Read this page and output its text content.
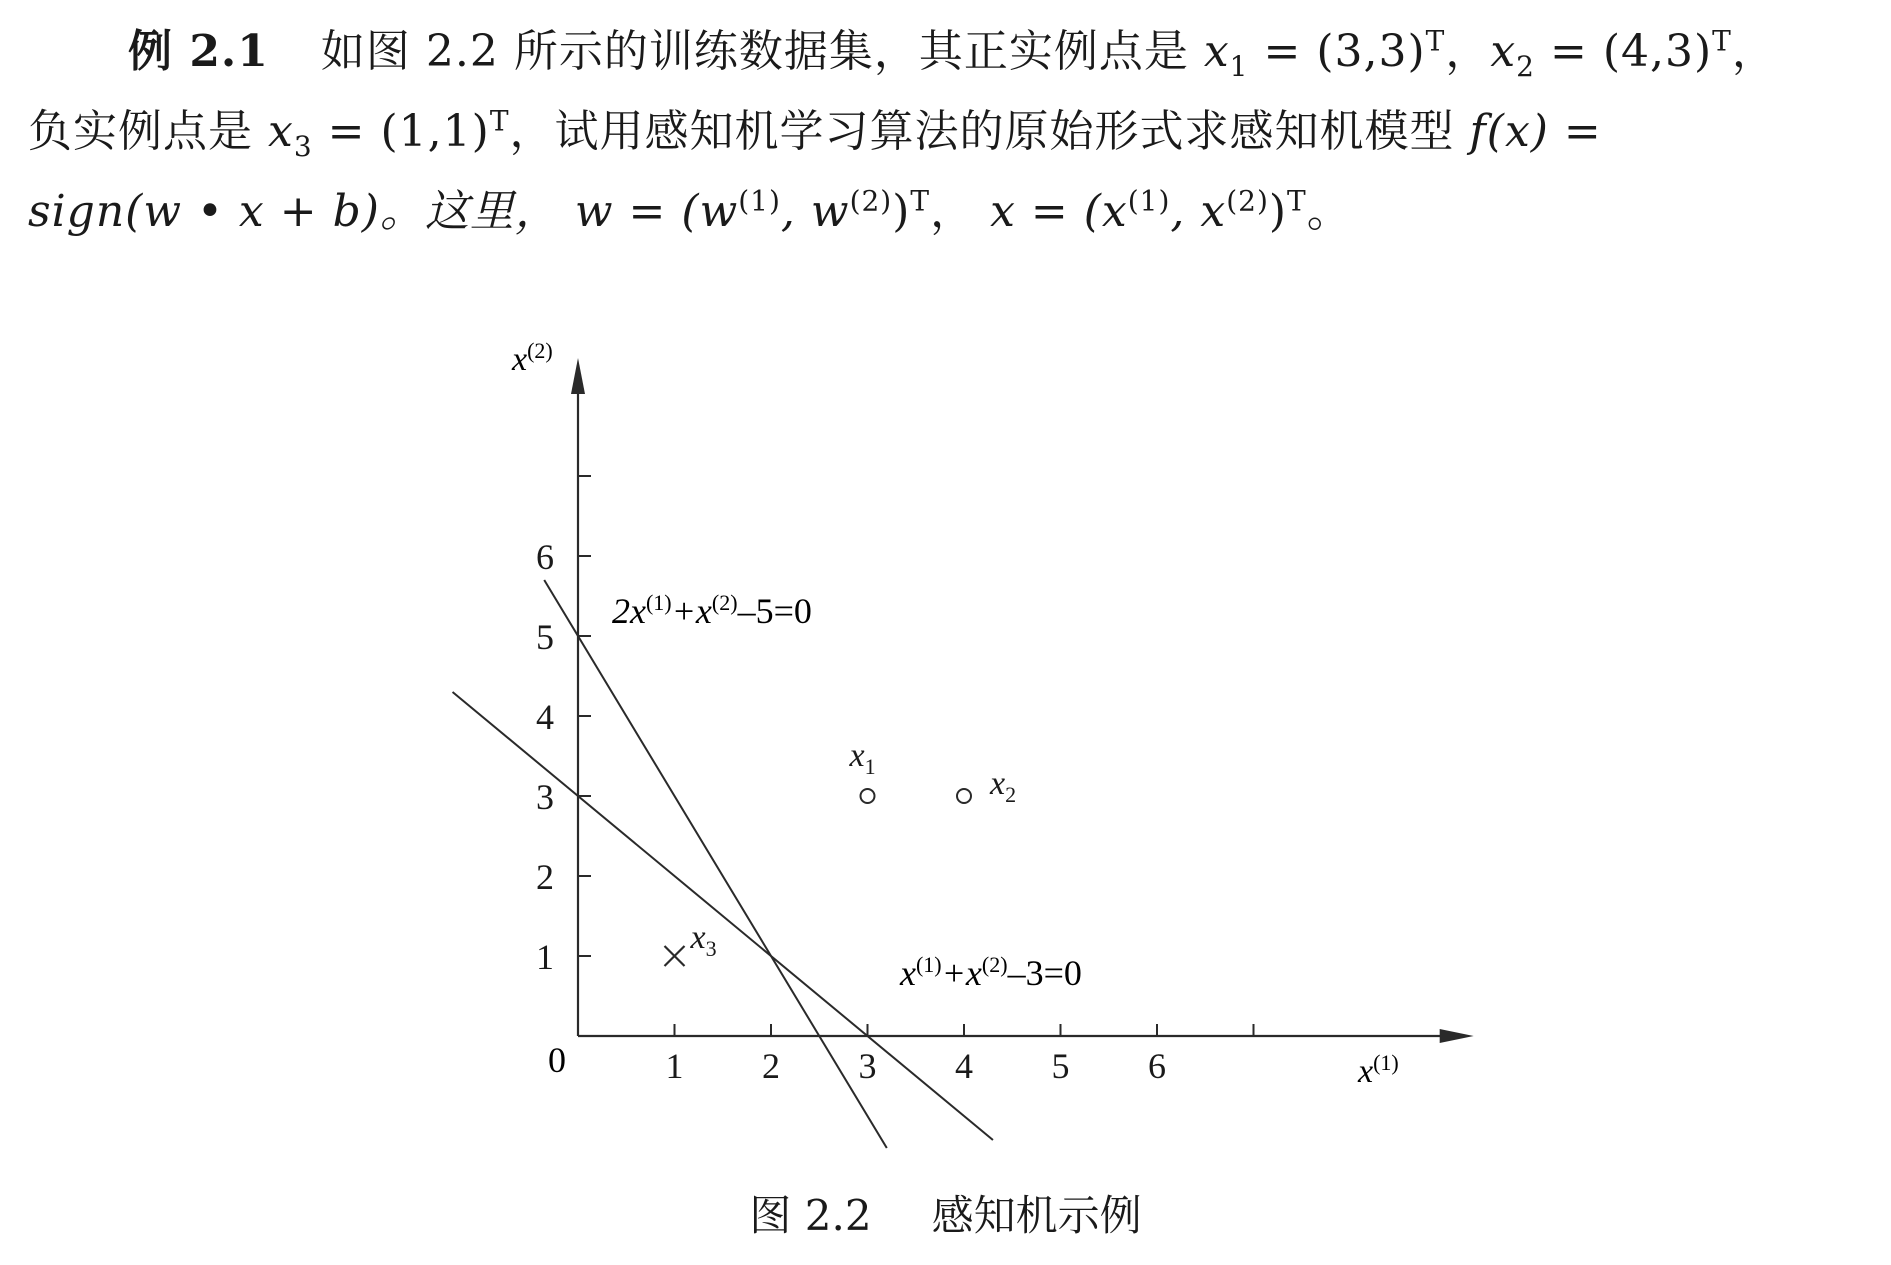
例 2.1 如图 2.2 所示的训练数据集，其正实例点是 $x_1 = (3,3)^T$，$x_2 = (4,3)^T$，
负实例点是 $x_3 = (1,1)^T$，试用感知机学习算法的原始形式求感知机模型 f(x) =
sign(w • x + b)。这里， $w = (w^{(1)}$, $w^{(2)})^T$， $x = (x^{(1)}$, $x^{(2)})^T$。
1 2 3 4 5 6
1
2
3
4
5
6
$x_1$	$x_2$
$x_3$
$x^{(1)}$
$x^{(2)}$
0
$2x^{(1)}+x^{(2)}-5=0$
$x^{(1)}+x^{(2)}-3=0$
图 2.2 感知机示例
